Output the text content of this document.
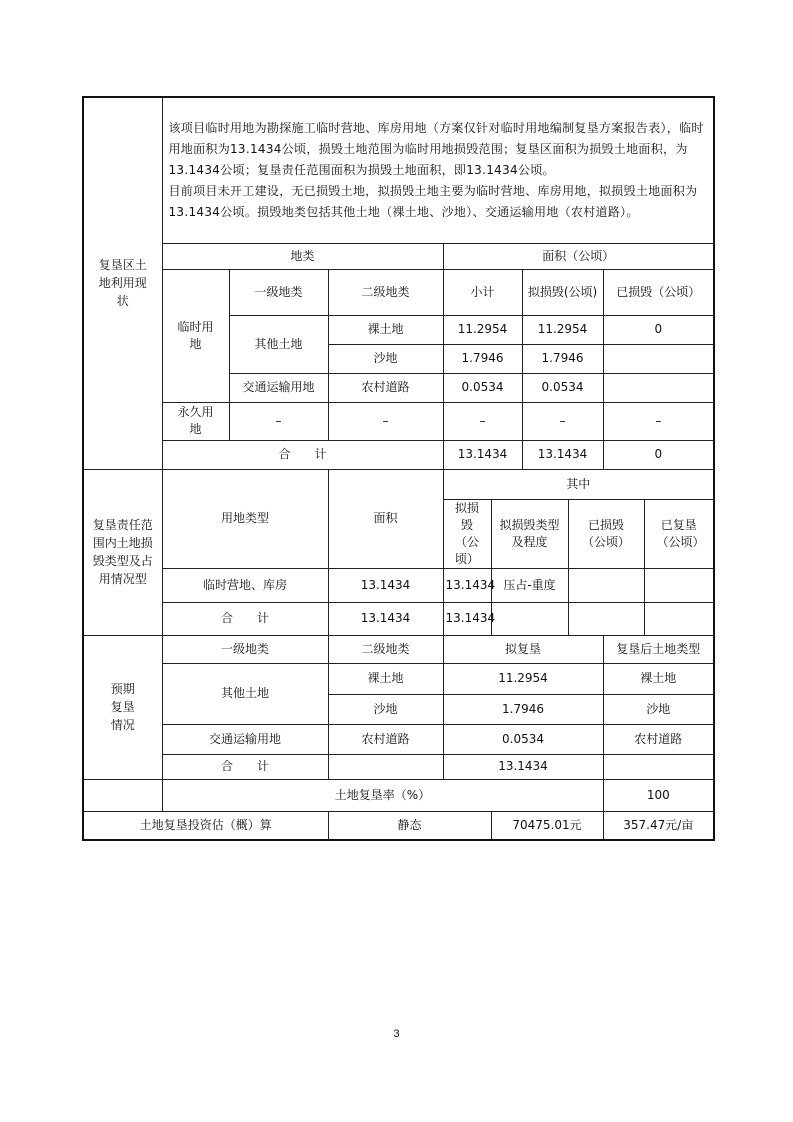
复垦区土地利用现状	该项目临时用地为勘探施工临时营地、库房用地（方案仅针对临时用地编制复垦方案报告表），临时用地面积为13.1434公顷，损毁土地范围为临时用地损毁范围；复垦区面积为损毁土地面积，为13.1434公顷；复垦责任范围面积为损毁土地面积，即13.1434公顷。

目前项目未开工建设，无已损毁土地，拟损毁土地主要为临时营地、库房用地，拟损毁土地面积为13.1434公顷。损毁地类包括其他土地（裸土地、沙地）、交通运输用地（农村道路）。								

	地类			面积（公顷）					
	临时用地	一级地类	二级地类	小计		拟损毁(公顷)		已损毁（公顷）	
		其他土地	裸土地	11.2954		11.2954		0	
			沙地	1.7946		1.7946			
		交通运输用地	农村道路	0.0534		0.0534			
	永久用地	–	–	–		–		–	
	合　　计			13.1434		13.1434		0	
复垦责任范围内土地损毁类型及占用情况型	用地类型		面积	其中					
				拟损毁（公顷）	拟损毁类型及程度		已损毁（公顷）		已复垦（公顷）
	临时营地、库房		13.1434	13.1434	压占-重度				
	合　　计		13.1434	13.1434					
预期复垦情况	一级地类		二级地类	拟复垦				复垦后土地类型	
	其他土地		裸土地	11.2954				裸土地	
			沙地	1.7946				沙地	
	交通运输用地		农村道路	0.0534				农村道路	
	合　　计			13.1434					
	土地复垦率（%）							100	
土地复垦投资估（概）算			静态		70475.01元			357.47元/亩	
3
